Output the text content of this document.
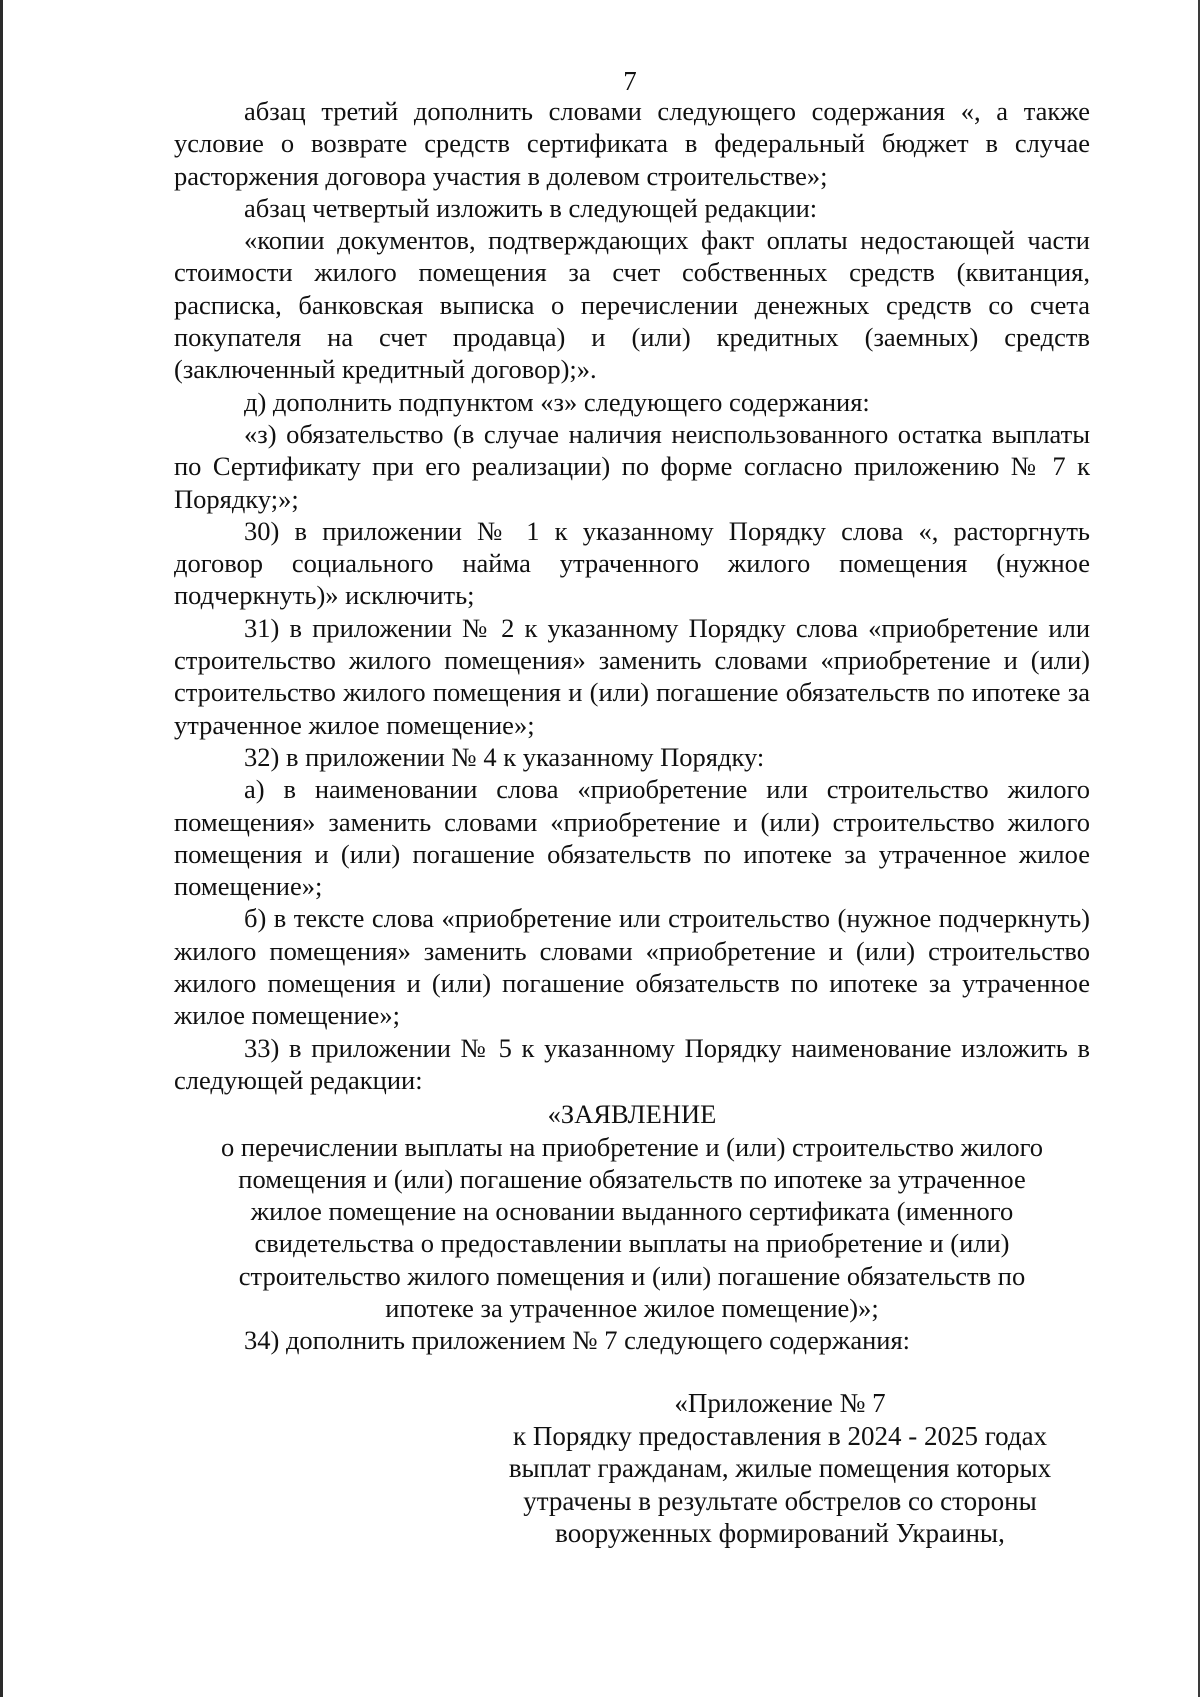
7

абзац третий дополнить словами следующего содержания «, а также условие о возврате средств сертификата в федеральный бюджет в случае расторжения договора участия в долевом строительстве»;

абзац четвертый изложить в следующей редакции:

«копии документов, подтверждающих факт оплаты недостающей части стоимости жилого помещения за счет собственных средств (квитанция, расписка, банковская выписка о перечислении денежных средств со счета покупателя на счет продавца) и (или) кредитных (заемных) средств (заключенный кредитный договор);».

д) дополнить подпунктом «з» следующего содержания:

«з) обязательство (в случае наличия неиспользованного остатка выплаты по Сертификату при его реализации) по форме согласно приложению № 7 к Порядку;»;

30) в приложении № 1 к указанному Порядку слова «, расторгнуть договор социального найма утраченного жилого помещения (нужное подчеркнуть)» исключить;

31) в приложении № 2 к указанному Порядку слова «приобретение или строительство жилого помещения» заменить словами «приобретение и (или) строительство жилого помещения и (или) погашение обязательств по ипотеке за утраченное жилое помещение»;

32) в приложении № 4 к указанному Порядку:

а) в наименовании слова «приобретение или строительство жилого помещения» заменить словами «приобретение и (или) строительство жилого помещения и (или) погашение обязательств по ипотеке за утраченное жилое помещение»;

б) в тексте слова «приобретение или строительство (нужное подчеркнуть) жилого помещения» заменить словами «приобретение и (или) строительство жилого помещения и (или) погашение обязательств по ипотеке за утраченное жилое помещение»;

33) в приложении № 5 к указанному Порядку наименование изложить в следующей редакции:

«ЗАЯВЛЕНИЕ

о перечислении выплаты на приобретение и (или) строительство жилого

помещения и (или) погашение обязательств по ипотеке за утраченное

жилое помещение на основании выданного сертификата (именного

свидетельства о предоставлении выплаты на приобретение и (или)

строительство жилого помещения и (или) погашение обязательств по

ипотеке за утраченное жилое помещение)»;

34) дополнить приложением № 7 следующего содержания:

«Приложение № 7

к Порядку предоставления в 2024 - 2025 годах

выплат гражданам, жилые помещения которых

утрачены в результате обстрелов со стороны

вооруженных формирований Украины,
